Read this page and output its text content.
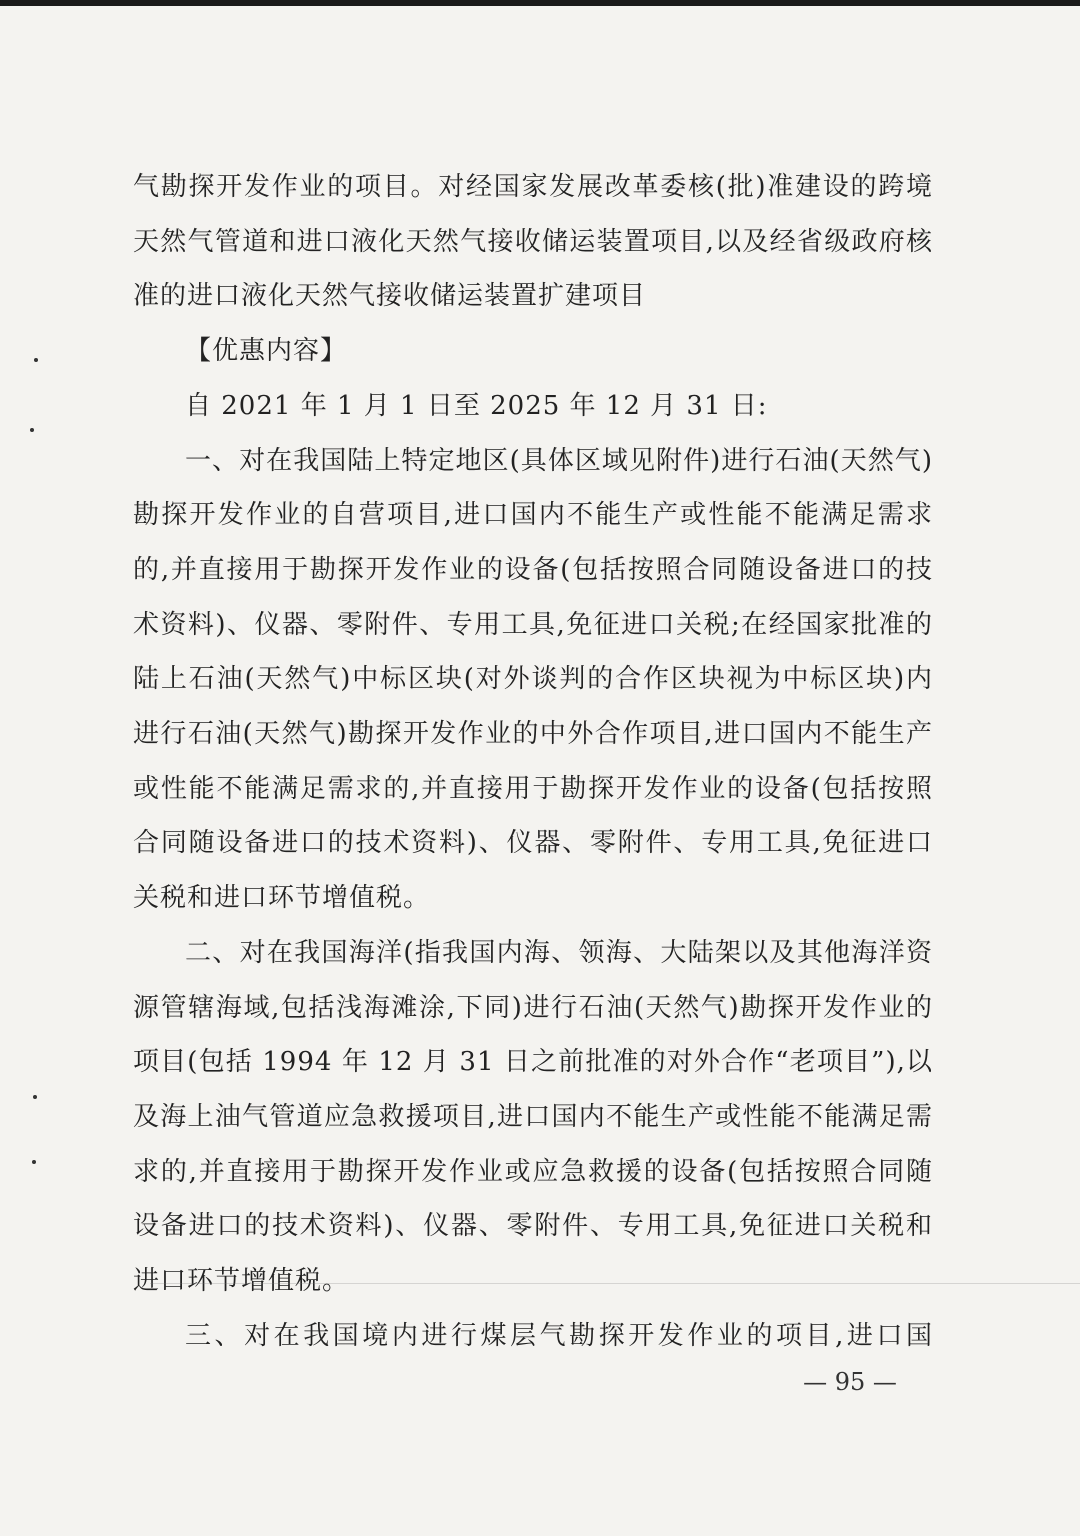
气勘探开发作业的项目。对经国家发展改革委核(批)准建设的跨境天然气管道和进口液化天然气接收储运装置项目,以及经省级政府核准的进口液化天然气接收储运装置扩建项目

【优惠内容】

自 2021 年 1 月 1 日至 2025 年 12 月 31 日:

一、对在我国陆上特定地区(具体区域见附件)进行石油(天然气)勘探开发作业的自营项目,进口国内不能生产或性能不能满足需求的,并直接用于勘探开发作业的设备(包括按照合同随设备进口的技术资料)、仪器、零附件、专用工具,免征进口关税;在经国家批准的陆上石油(天然气)中标区块(对外谈判的合作区块视为中标区块)内进行石油(天然气)勘探开发作业的中外合作项目,进口国内不能生产或性能不能满足需求的,并直接用于勘探开发作业的设备(包括按照合同随设备进口的技术资料)、仪器、零附件、专用工具,免征进口关税和进口环节增值税。

二、对在我国海洋(指我国内海、领海、大陆架以及其他海洋资源管辖海域,包括浅海滩涂,下同)进行石油(天然气)勘探开发作业的项目(包括 1994 年 12 月 31 日之前批准的对外合作“老项目”),以及海上油气管道应急救援项目,进口国内不能生产或性能不能满足需求的,并直接用于勘探开发作业或应急救援的设备(包括按照合同随设备进口的技术资料)、仪器、零附件、专用工具,免征进口关税和进口环节增值税。

三、对在我国境内进行煤层气勘探开发作业的项目,进口国

— 95 —
